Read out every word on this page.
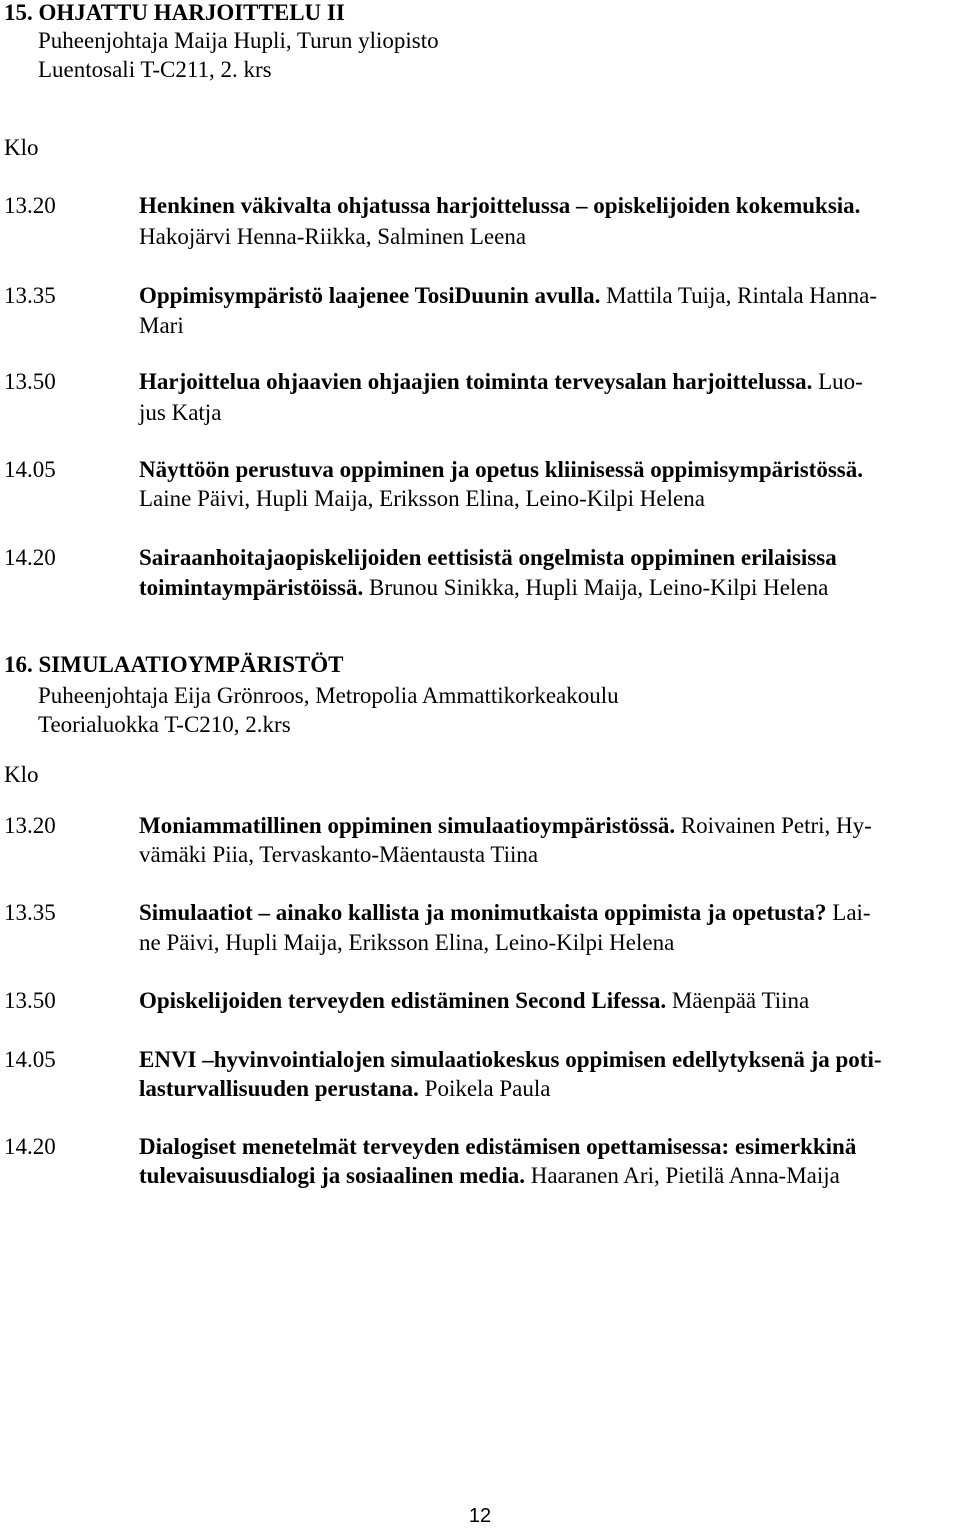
15. OHJATTU HARJOITTELU II
Puheenjohtaja Maija Hupli, Turun yliopisto
Luentosali T-C211, 2. krs
Klo
13.20	Henkinen väkivalta ohjatussa harjoittelussa – opiskelijoiden kokemuksia.
Hakojärvi Henna-Riikka, Salminen Leena
13.35	Oppimisympäristö laajenee TosiDuunin avulla. Mattila Tuija, Rintala Hanna-
Mari
13.50	Harjoittelua ohjaavien ohjaajien toiminta terveysalan harjoittelussa. Luo-
jus Katja
14.05	Näyttöön perustuva oppiminen ja opetus kliinisessä oppimisympäristössä.
Laine Päivi, Hupli Maija, Eriksson Elina, Leino-Kilpi Helena
14.20	Sairaanhoitajaopiskelijoiden eettisistä ongelmista oppiminen erilaisissa
toimintaympäristöissä. Brunou Sinikka, Hupli Maija, Leino-Kilpi Helena
16. SIMULAATIOYMPÄRISTÖT
Puheenjohtaja Eija Grönroos, Metropolia Ammattikorkeakoulu
Teorialuokka T-C210, 2.krs
Klo
13.20	Moniammatillinen oppiminen simulaatioympäristössä. Roivainen Petri, Hy-
vämäki Piia, Tervaskanto-Mäentausta Tiina
13.35	Simulaatiot – ainako kallista ja monimutkaista oppimista ja opetusta? Lai-
ne Päivi, Hupli Maija, Eriksson Elina, Leino-Kilpi Helena
13.50	Opiskelijoiden terveyden edistäminen Second Lifessa. Mäenpää Tiina
14.05	ENVI –hyvinvointialojen simulaatiokeskus oppimisen edellytyksenä ja poti-
lasturvallisuuden perustana. Poikela Paula
14.20	Dialogiset menetelmät terveyden edistämisen opettamisessa: esimerkkinä
tulevaisuusdialogi ja sosiaalinen media. Haaranen Ari, Pietilä Anna-Maija
12
